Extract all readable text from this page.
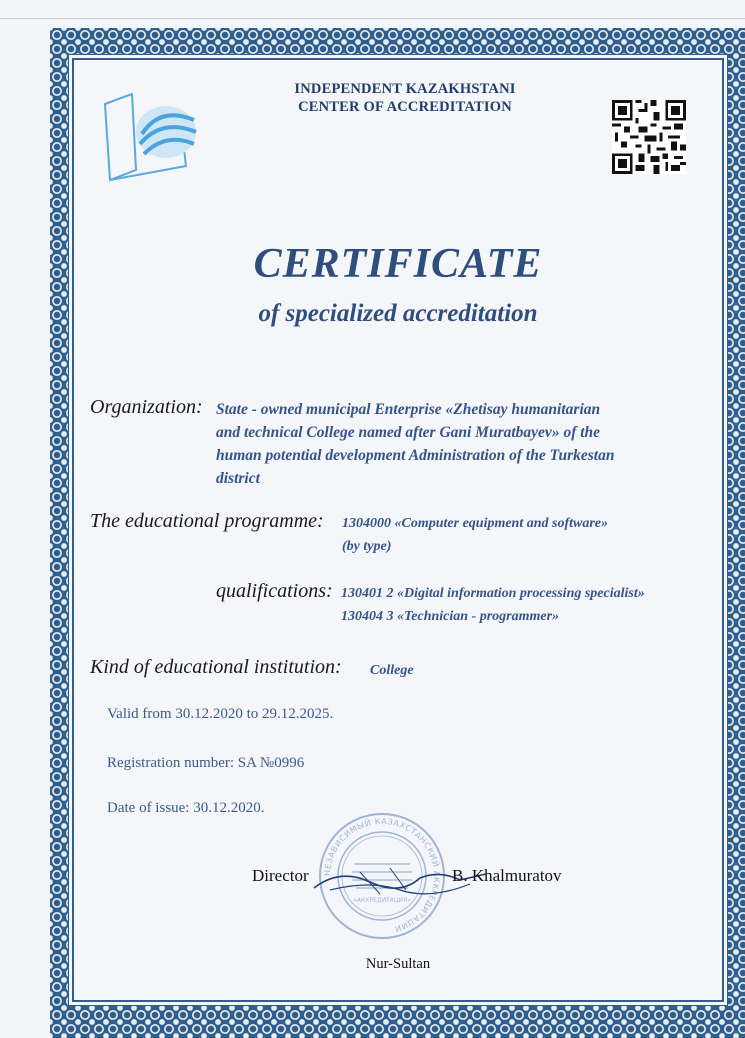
INDEPENDENT KAZAKHSTANI
CENTER OF ACCREDITATION
CERTIFICATE
of specialized accreditation
Organization: State - owned municipal Enterprise «Zhetisay humanitarian
and technical College named after Gani Muratbayev» of the
human potential development Administration of the Turkestan
district
The educational programme: 1304000 «Computer equipment and software»
(by type)
qualifications: 130401 2 «Digital information processing specialist»
130404 3 «Technician - programmer»
Kind of educational institution: College
Valid from 30.12.2020 to 29.12.2025.
Registration number: SA №0996
Date of issue: 30.12.2020.
НЕЗАВИСИМЫЙ КАЗАХСТАНСКИЙ АККРЕДИТАЦИИ
«АККРЕДИТАЦИЯ»
Director	B. Khalmuratov
Nur-Sultan
